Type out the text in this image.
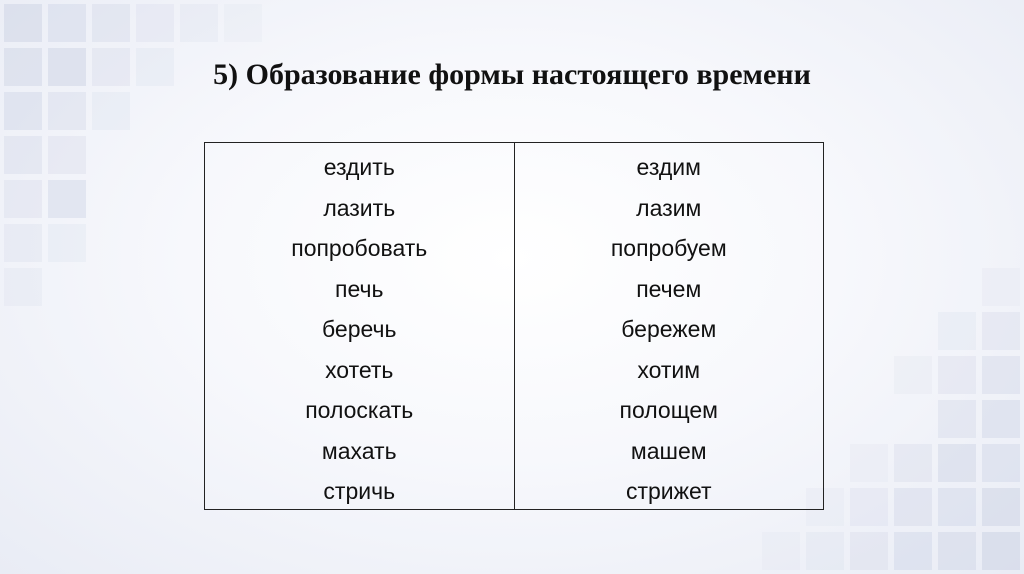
5) Образование формы настоящего времени
ездить
лазить
попробовать
печь
беречь
хотеть
полоскать
махать
стричь
ездим
лазим
попробуем
печем
бережем
хотим
полощем
машем
стрижет
